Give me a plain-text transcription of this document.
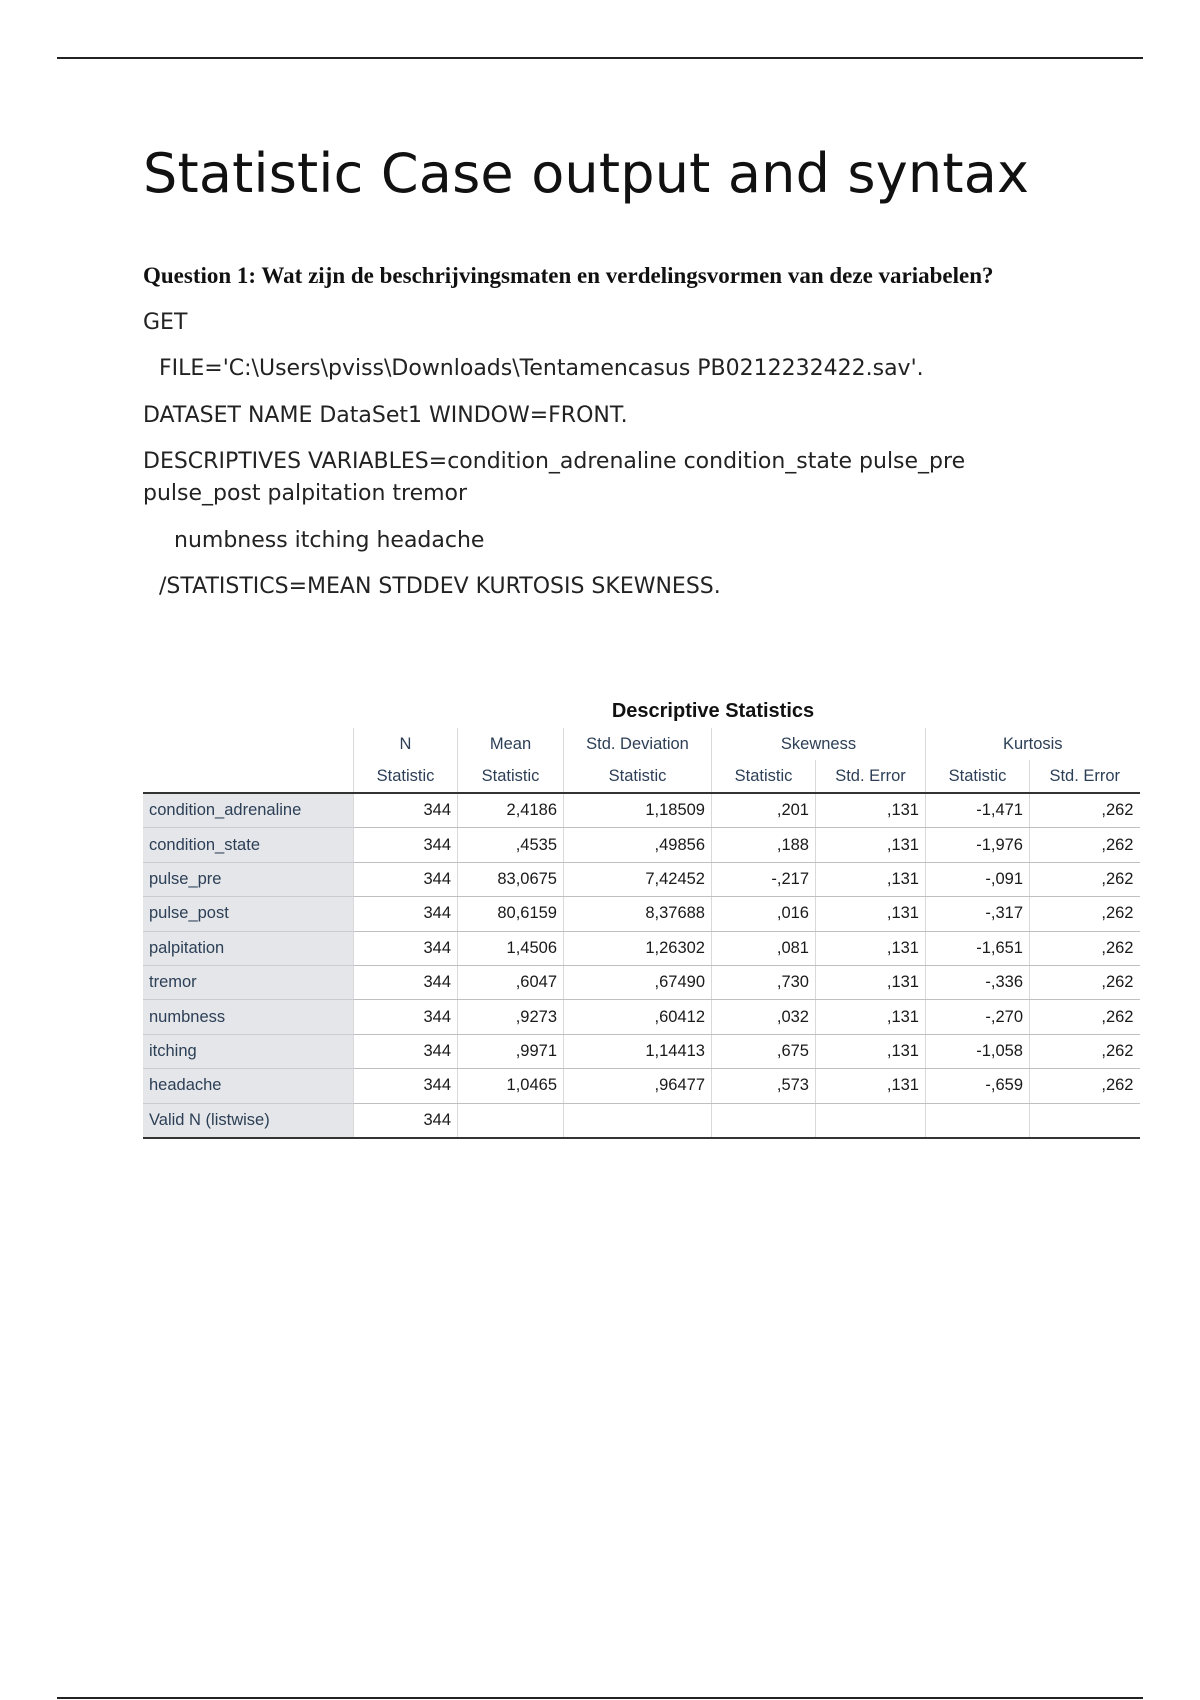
Statistic Case output and syntax
Question 1: Wat zijn de beschrijvingsmaten en verdelingsvormen van deze variabelen?
GET
FILE='C:\Users\pviss\Downloads\Tentamencasus PB0212232422.sav'.
DATASET NAME DataSet1 WINDOW=FRONT.
DESCRIPTIVES VARIABLES=condition_adrenaline condition_state pulse_pre pulse_post palpitation tremor
numbness itching headache
/STATISTICS=MEAN STDDEV KURTOSIS SKEWNESS.
Descriptive Statistics
	N	Mean	Std. Deviation	Skewness		Kurtosis	
	Statistic	Statistic	Statistic	Statistic	Std. Error	Statistic	Std. Error
condition_adrenaline	344	2,4186	1,18509	,201	,131	-1,471	,262
condition_state	344	,4535	,49856	,188	,131	-1,976	,262
pulse_pre	344	83,0675	7,42452	-,217	,131	-,091	,262
pulse_post	344	80,6159	8,37688	,016	,131	-,317	,262
palpitation	344	1,4506	1,26302	,081	,131	-1,651	,262
tremor	344	,6047	,67490	,730	,131	-,336	,262
numbness	344	,9273	,60412	,032	,131	-,270	,262
itching	344	,9971	1,14413	,675	,131	-1,058	,262
headache	344	1,0465	,96477	,573	,131	-,659	,262
Valid N (listwise)	344						
